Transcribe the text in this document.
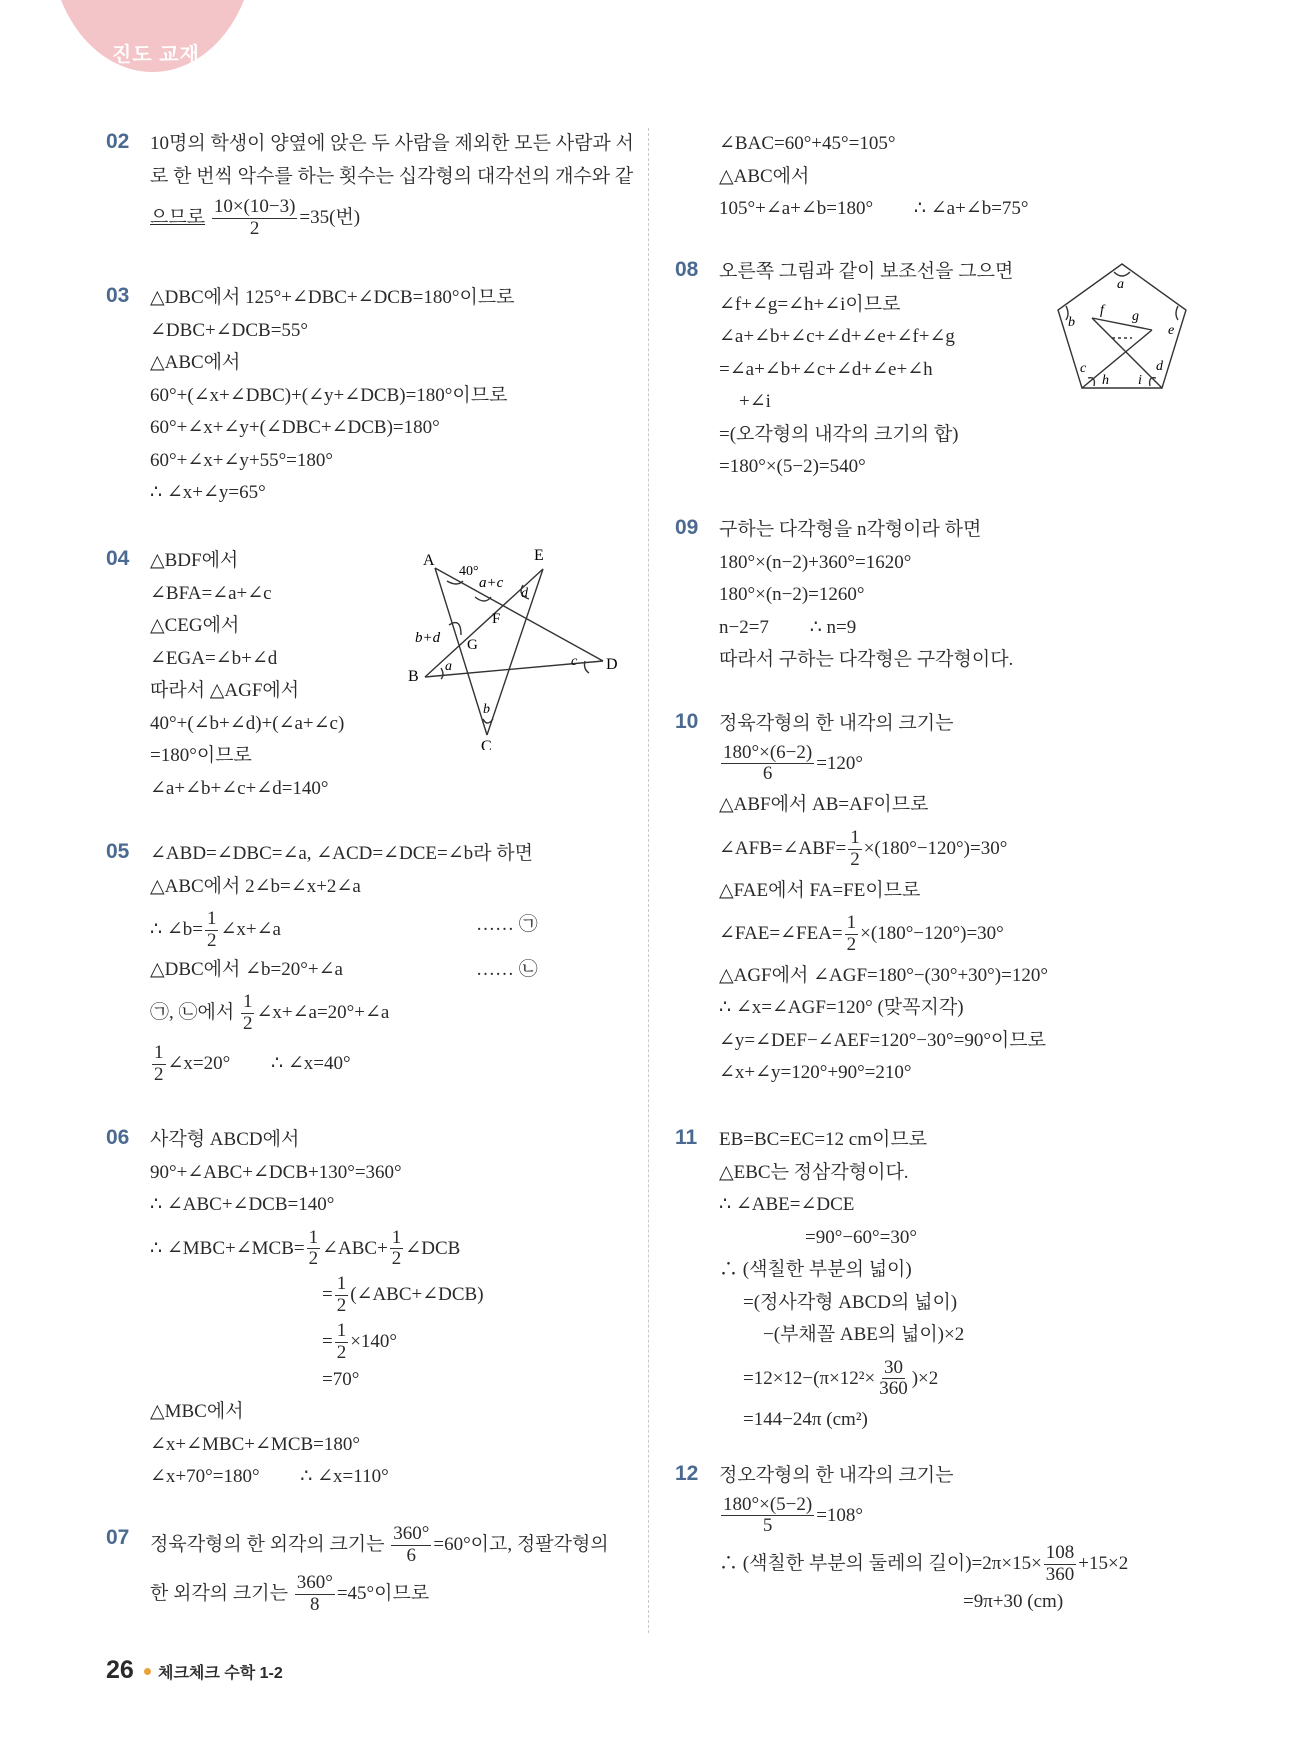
진도 교재
02 10명의 학생이 양옆에 앉은 두 사람을 제외한 모든 사람과 서
로 한 번씩 악수를 하는 횟수는 십각형의 대각선의 개수와 같
으므로 $\frac{10\times(10-3)}{2} =35$(번)
03 △DBC에서 125°+∠DBC+∠DCB=180°이므로
∠DBC+∠DCB=55°
△ABC에서
60°+(∠x+∠DBC)+(∠y+∠DCB)=180°이므로
60°+∠x+∠y+(∠DBC+∠DCB)=180°
60°+∠x+∠y+55°=180°
∴ ∠x+∠y=65°
04 △BDF에서
∠BFA=∠a+∠c
△CEG에서
∠EGA=∠b+∠d
따라서 △AGF에서
40°+(∠b+∠d)+(∠a+∠c)
=180°이므로
∠a+∠b+∠c+∠d=140°
A	E
B
D
C
F
G
40°
a+c
b+d
a
b
c
d
05 ∠ABD=∠DBC=∠a, ∠ACD=∠DCE=∠b라 하면
△ABC에서 2∠b=∠x+2∠a
∴ ∠b= $\frac{1}{2}$ ∠x+∠a	…… ㉠
△DBC에서 ∠b=20°+∠a	…… ㉡
㉠, ㉡에서 $\frac{1}{2}$ ∠x+∠a=20°+∠a
$\frac{1}{2}$ ∠x=20° ∴ ∠x=40°
06 사각형 ABCD에서
90°+∠ABC+∠DCB+130°=360°
∴ ∠ABC+∠DCB=140°
∴ ∠MBC+∠MCB= $\frac{1}{2}$ ∠ABC+ $\frac{1}{2}$ ∠DCB
= $\frac{1}{2}$ (∠ABC+∠DCB)
= $\frac{1}{2} \times 140^\circ$
=70°
△MBC에서
∠x+∠MBC+∠MCB=180°
∠x+70°=180° ∴ ∠x=110°
07 정육각형의 한 외각의 크기는 $\frac{360^\circ}{6} =60^\circ$이고, 정팔각형의
한 외각의 크기는 $\frac{360^\circ}{8} =45^\circ$이므로
∠BAC=60°+45°=105°
△ABC에서
105°+∠a+∠b=180° ∴ ∠a+∠b=75°
08 오른쪽 그림과 같이 보조선을 그으면
∠f+∠g=∠h+∠i이므로
∠a+∠b+∠c+∠d+∠e+∠f+∠g
=∠a+∠b+∠c+∠d+∠e+∠h
+∠i
=(오각형의 내각의 크기의 합)
=180°×(5−2)=540°
a
b
c	d
e
f g
h i
09 구하는 다각형을 n각형이라 하면
180°×(n−2)+360°=1620°
180°×(n−2)=1260°
n−2=7 ∴ n=9
따라서 구하는 다각형은 구각형이다.
10 정육각형의 한 내각의 크기는
$\frac{180^\circ\times(6-2)}{6} =120^\circ$
△ABF에서 AB=AF이므로
∠AFB=∠ABF= $\frac{1}{2} \times(180^\circ-120^\circ)=30^\circ$
△FAE에서 FA=FE이므로
∠FAE=∠FEA= $\frac{1}{2} \times(180^\circ-120^\circ)=30^\circ$
△AGF에서 ∠AGF=180°−(30°+30°)=120°
∴ ∠x=∠AGF=120° (맞꼭지각)
∠y=∠DEF−∠AEF=120°−30°=90°이므로
∠x+∠y=120°+90°=210°
11 EB=BC=EC=12 cm이므로
△EBC는 정삼각형이다.
∴ ∠ABE=∠DCE
=90°−60°=30°
∴ (색칠한 부분의 넓이)
=(정사각형 ABCD의 넓이)
−(부채꼴 ABE의 넓이)×2
$=12\times 12-(\pi\times 12^2\times \frac{30}{360} )\times 2$
=144−24π (cm²)
12 정오각형의 한 내각의 크기는
$\frac{180^\circ\times(5-2)}{5} =108^\circ$
∴ (색칠한 부분의 둘레의 길이)$=2\pi\times 15\times \frac{108}{360} +15\times 2$
=9π+30 (cm)
26 체크체크 수학 1-2
